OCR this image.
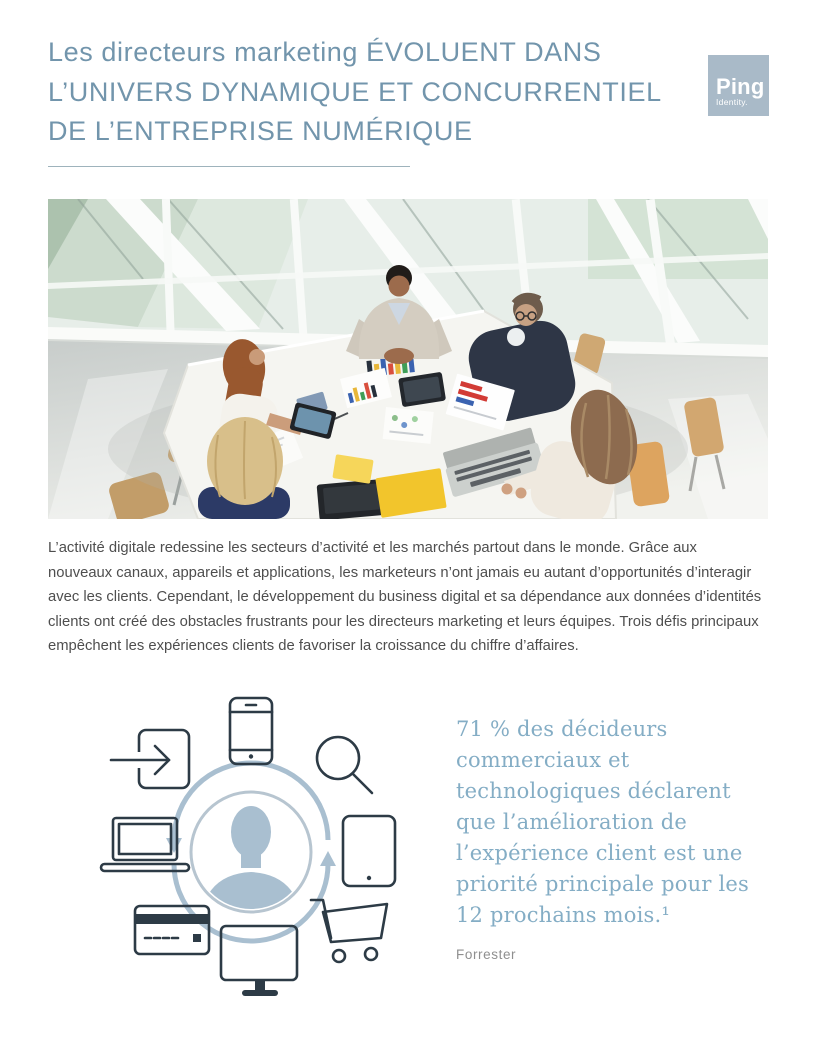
Les directeurs marketing ÉVOLUENT DANS L’UNIVERS DYNAMIQUE ET CONCURRENTIEL DE L’ENTREPRISE NUMÉRIQUE
Ping
Identity.

L’activité digitale redessine les secteurs d’activité et les marchés partout dans le monde. Grâce aux nouveaux canaux, appareils et applications, les marketeurs n’ont jamais eu autant d’opportunités d’interagir avec les clients. Cependant, le développement du business digital et sa dépendance aux données d’identités clients ont créé des obstacles frustrants pour les directeurs marketing et leurs équipes. Trois défis principaux empêchent les expériences clients de favoriser la croissance du chiffre d’affaires.

71 % des décideurs commerciaux et technologiques déclarent que l’amélioration de l’expérience client est une priorité principale pour les 12 prochains mois.¹

Forrester
